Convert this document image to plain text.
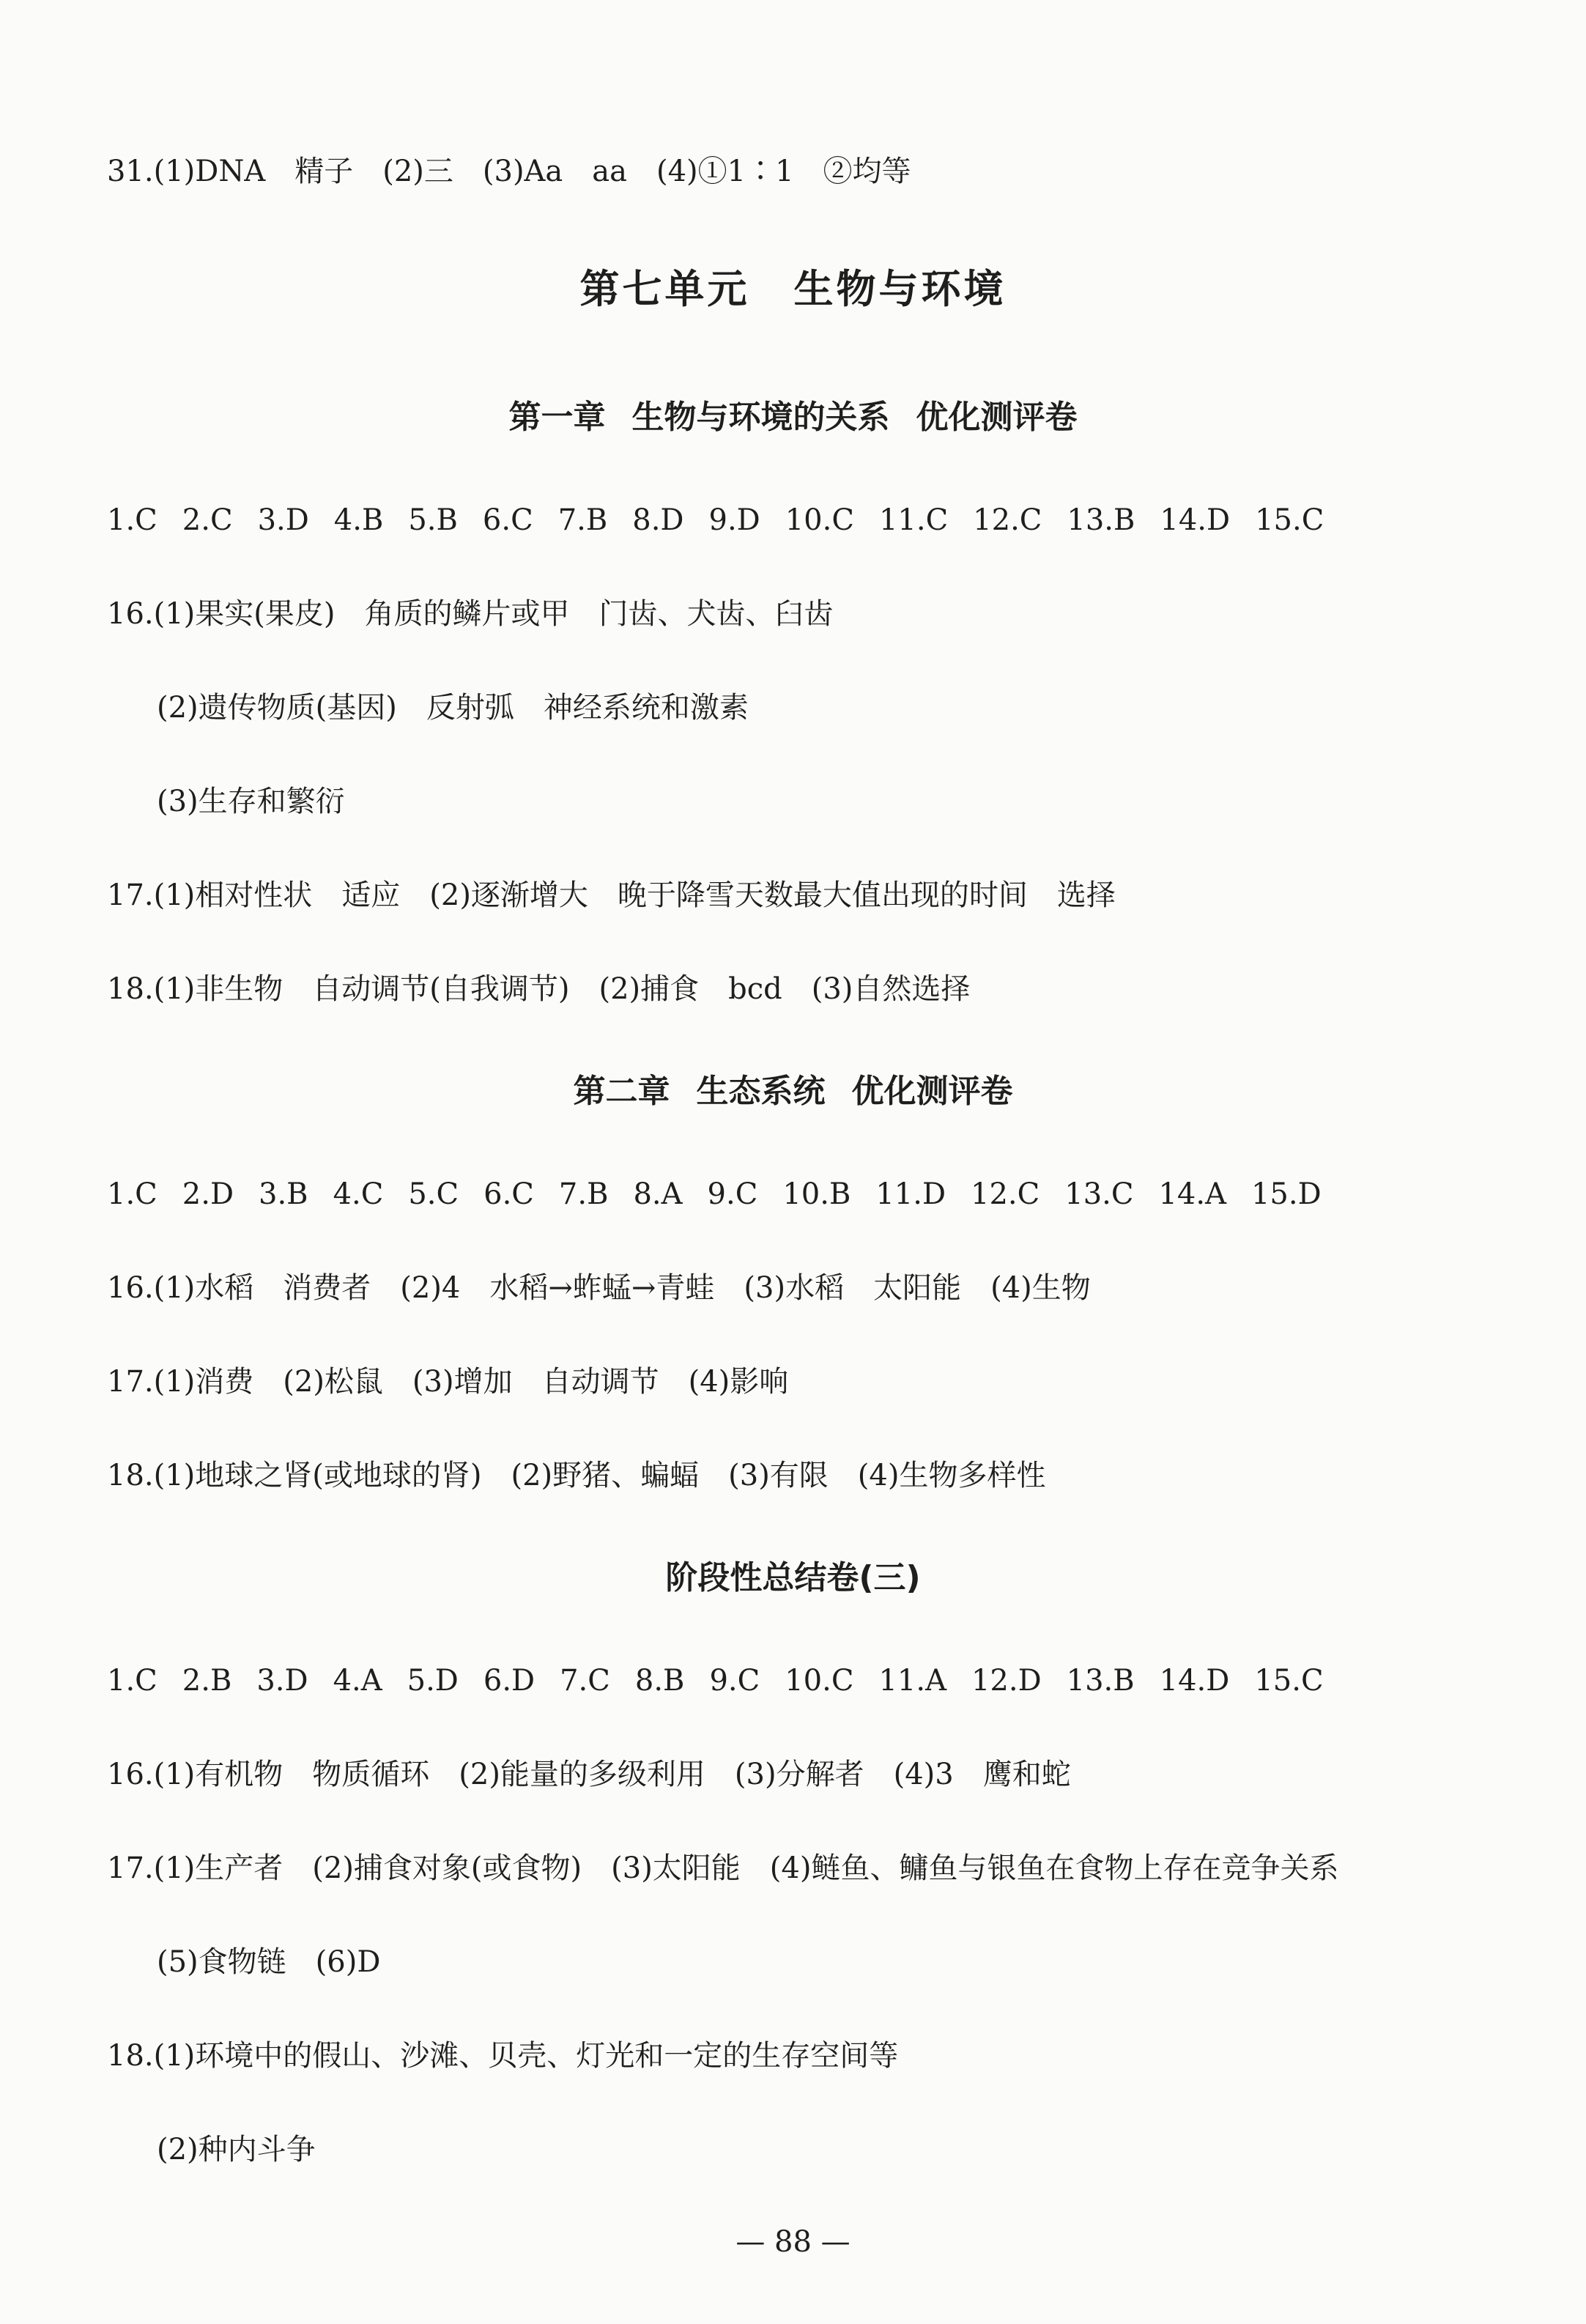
31.(1)DNA　精子　(2)三　(3)Aa　aa　(4)①1∶1　②均等
第七单元 生物与环境
第一章 生物与环境的关系 优化测评卷
1.C 2.C 3.D 4.B 5.B 6.C 7.B 8.D 9.D 10.C 11.C 12.C 13.B 14.D 15.C
16.(1)果实(果皮)　角质的鳞片或甲　门齿、犬齿、臼齿
(2)遗传物质(基因)　反射弧　神经系统和激素
(3)生存和繁衍
17.(1)相对性状　适应　(2)逐渐增大　晚于降雪天数最大值出现的时间　选择
18.(1)非生物　自动调节(自我调节)　(2)捕食　bcd　(3)自然选择
第二章 生态系统 优化测评卷
1.C 2.D 3.B 4.C 5.C 6.C 7.B 8.A 9.C 10.B 11.D 12.C 13.C 14.A 15.D
16.(1)水稻　消费者　(2)4　水稻→蚱蜢→青蛙　(3)水稻　太阳能　(4)生物
17.(1)消费　(2)松鼠　(3)增加　自动调节　(4)影响
18.(1)地球之肾(或地球的肾)　(2)野猪、蝙蝠　(3)有限　(4)生物多样性
阶段性总结卷(三)
1.C 2.B 3.D 4.A 5.D 6.D 7.C 8.B 9.C 10.C 11.A 12.D 13.B 14.D 15.C
16.(1)有机物　物质循环　(2)能量的多级利用　(3)分解者　(4)3　鹰和蛇
17.(1)生产者　(2)捕食对象(或食物)　(3)太阳能　(4)鲢鱼、鳙鱼与银鱼在食物上存在竞争关系
(5)食物链　(6)D
18.(1)环境中的假山、沙滩、贝壳、灯光和一定的生存空间等
(2)种内斗争
— 88 —
